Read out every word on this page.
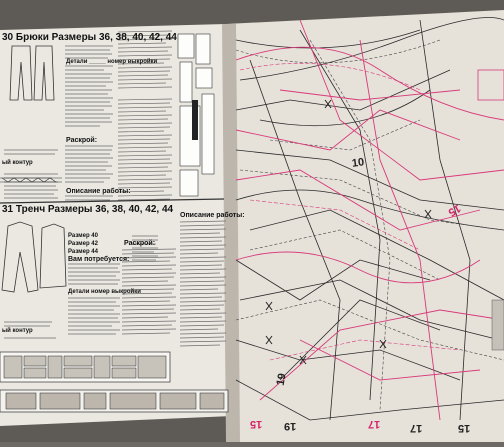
30 Брюки Размеры 36, 38, 40, 42, 44
Детали _____ номер выкройки
Раскрой:
Описание работы:
ый контур
31 Тренч Размеры 36, 38, 40, 42, 44
Размер 40
Размер 42
Размер 44
Вам потребуется:
Детали номер выкройки
Раскрой:
Описание работы:
ый контур
10
19
19	17	15
15
17
15
